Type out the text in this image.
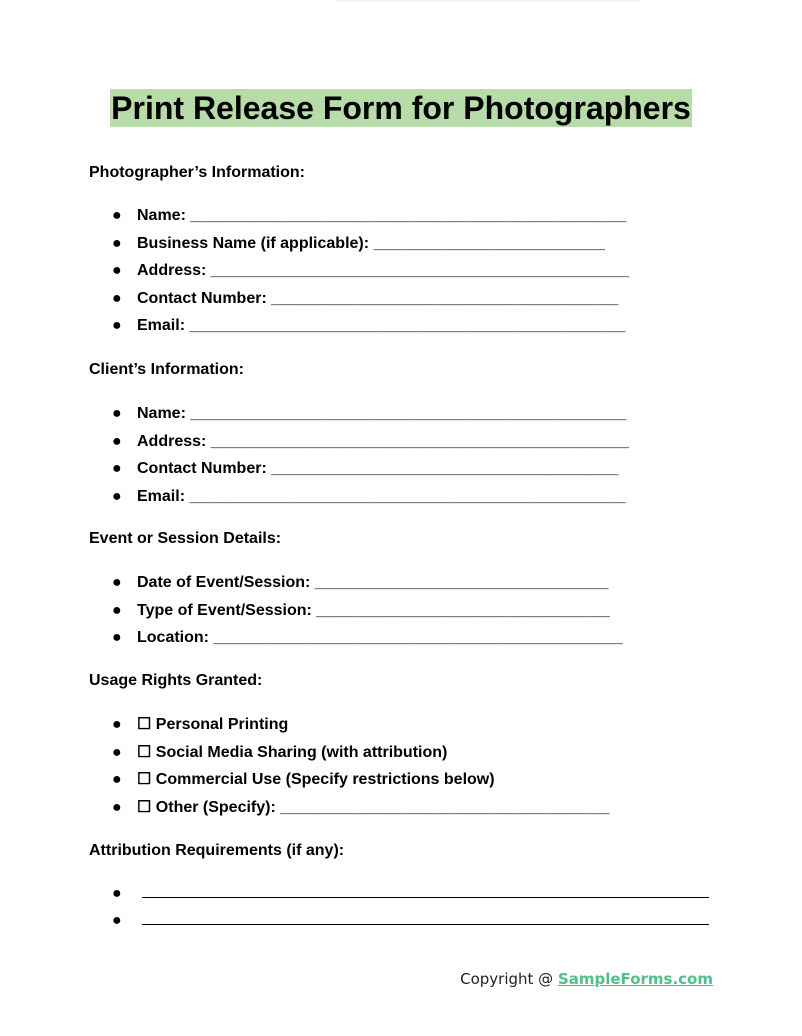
Print Release Form for Photographers
Photographer’s Information:
● Name: _________________________________________________
● Business Name (if applicable): __________________________
● Address: _______________________________________________
● Contact Number: _______________________________________
● Email: _________________________________________________
Client’s Information:
● Name: _________________________________________________
● Address: _______________________________________________
● Contact Number: _______________________________________
● Email: _________________________________________________
Event or Session Details:
● Date of Event/Session: _________________________________
● Type of Event/Session: _________________________________
● Location: ______________________________________________
Usage Rights Granted:
● ☐ Personal Printing
● ☐ Social Media Sharing (with attribution)
● ☐ Commercial Use (Specify restrictions below)
● ☐ Other (Specify): _____________________________________
Attribution Requirements (if any):
●
●
Copyright @ SampleForms.com
